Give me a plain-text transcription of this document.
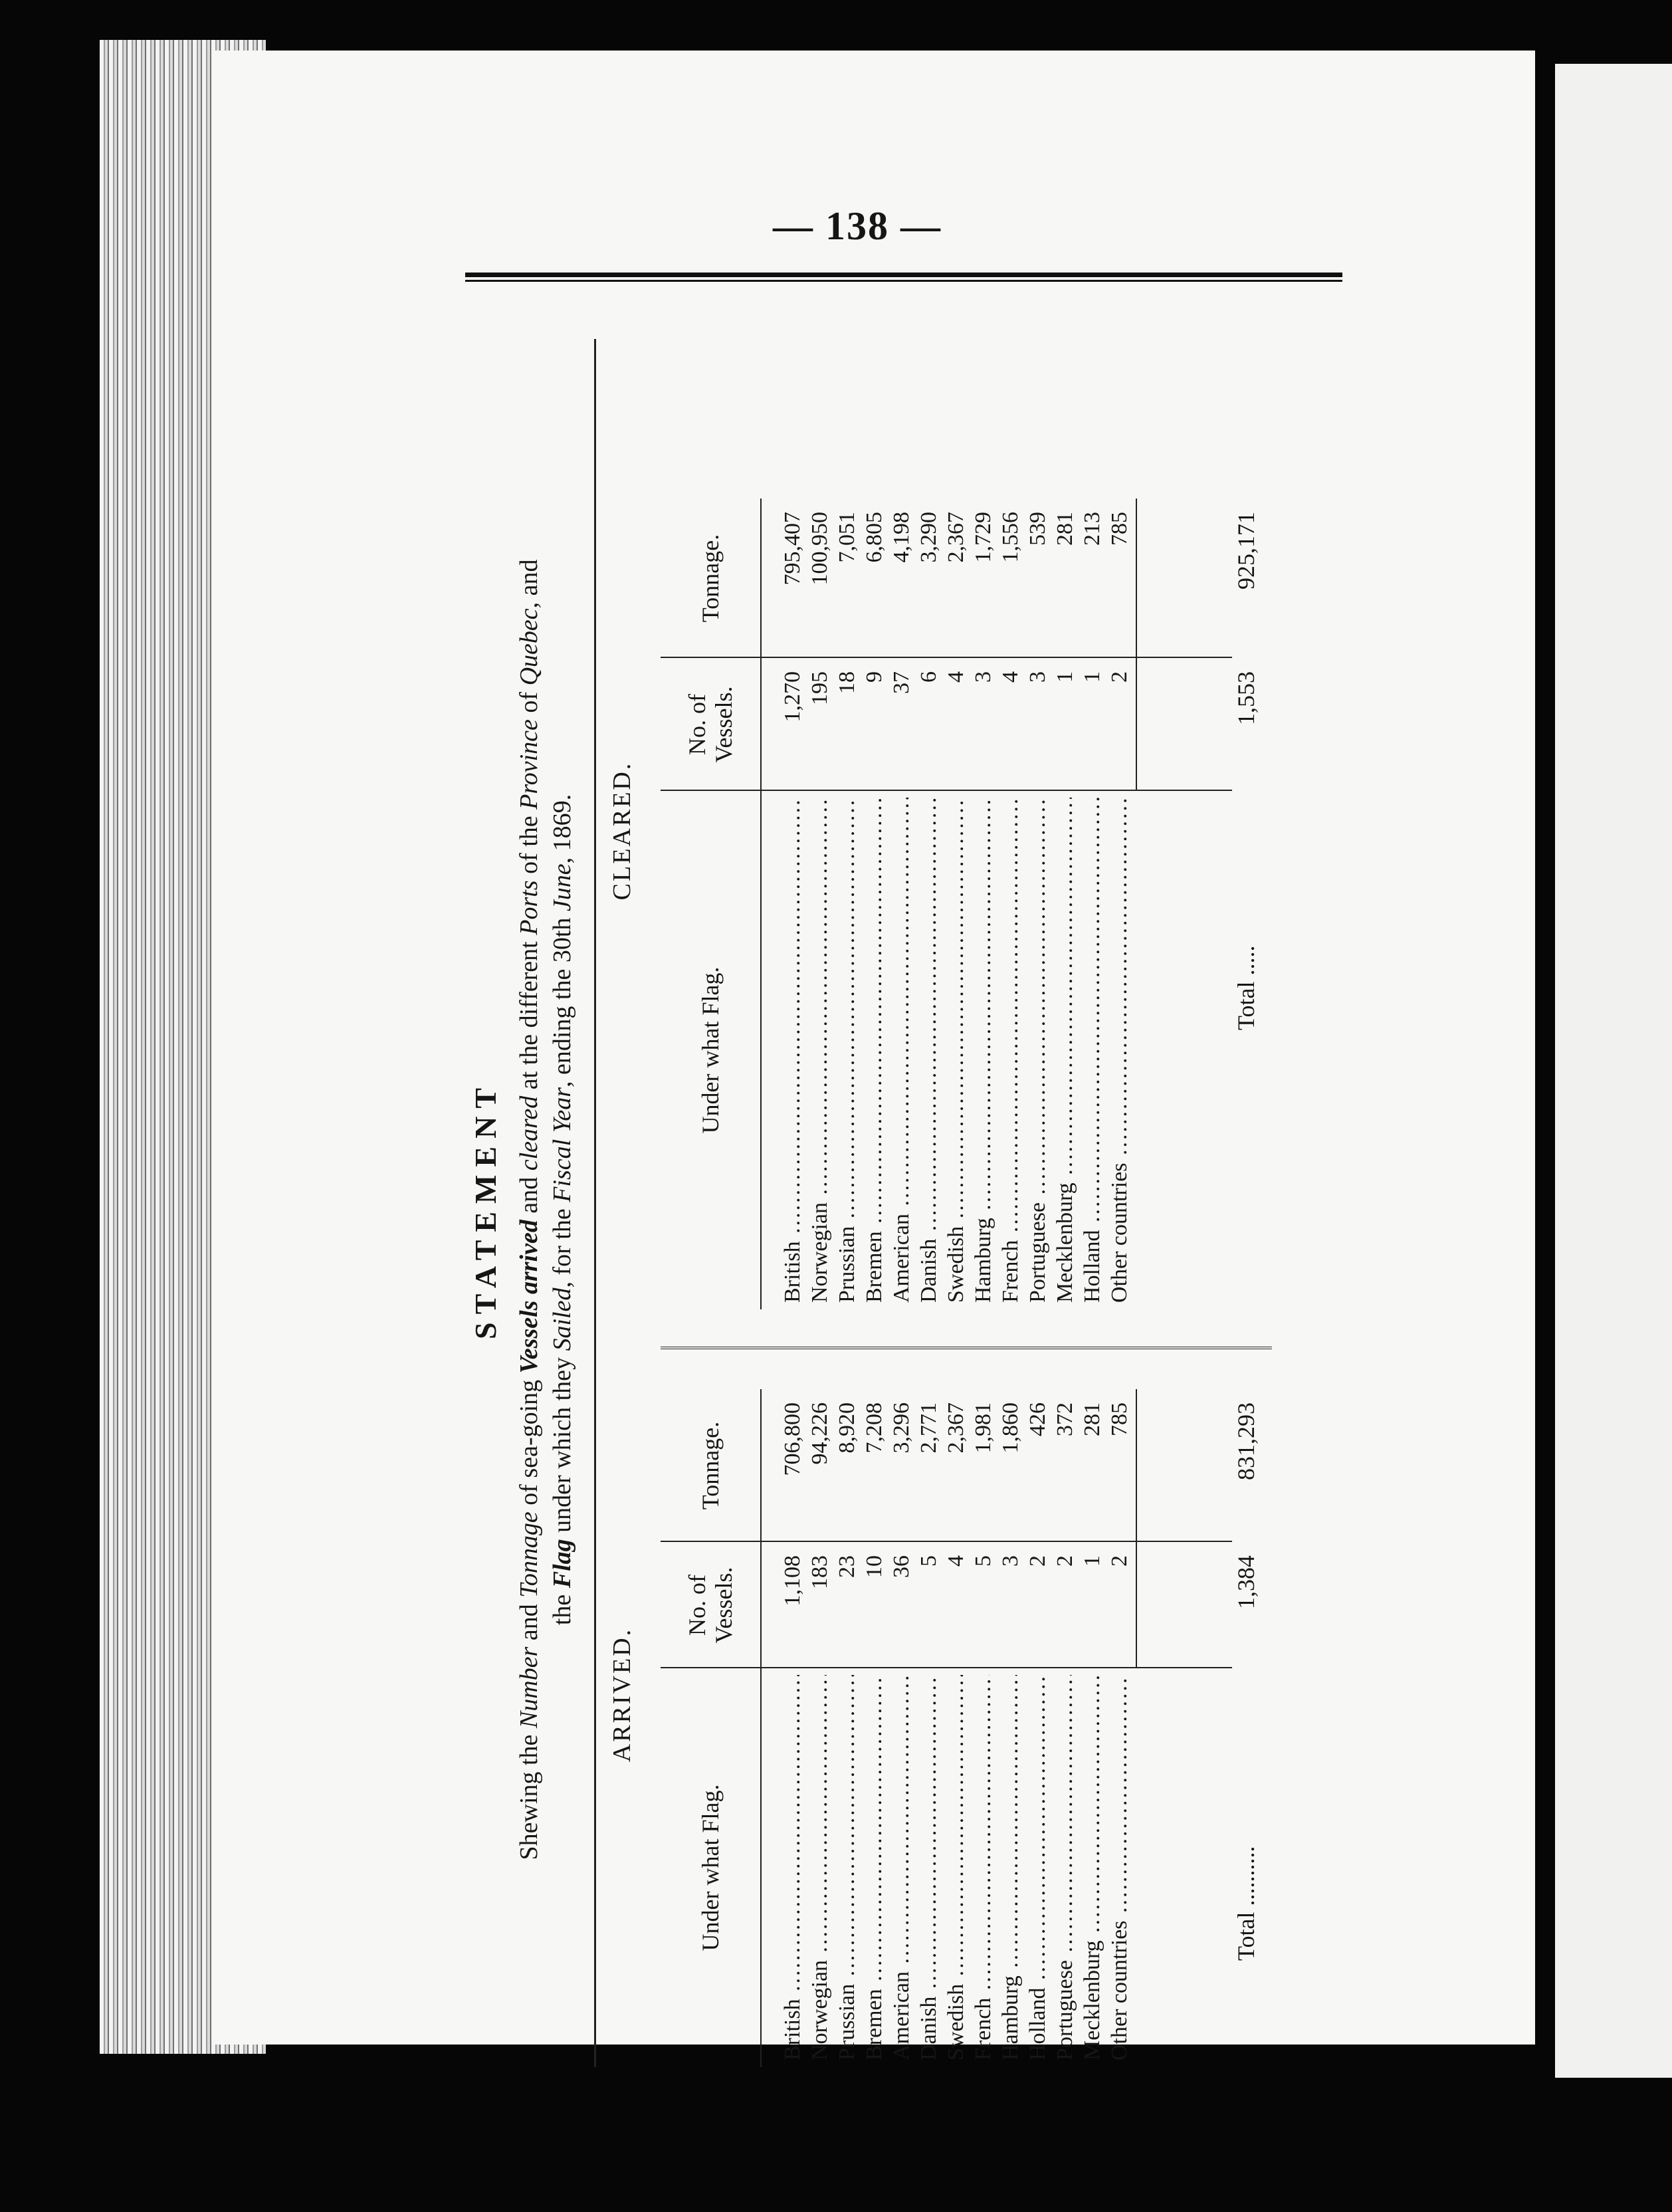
— 138 —
STATEMENT
Shewing the Number and Tonnage of sea-going Vessels arrived and cleared at the different Ports of the Province of Quebec, and
the Flag under which they Sailed, for the Fiscal Year, ending the 30th June, 1869.
ARRIVED.
CLEARED.
Under what Flag.
No. of Vessels.
Tonnage.
British .....
1,108
706,800
Norwegian .....
183
94,226
Prussian .....
23
8,920
Bremen .....
10
7,208
American .....
36
3,296
Danish .....
5
2,771
Swedish .....
4
2,367
French .....
5
1,981
Hamburg .....
3
1,860
Holland .....
2
426
Portuguese .....
2
372
Mecklenburg .....
1
281
Other countries .....
2
785
Total ..........
1,384
831,293
Under what Flag.
No. of Vessels.
Tonnage.
British .....
1,270
795,407
Norwegian .....
195
100,950
Prussian .....
18
7,051
Bremen .....
9
6,805
American .....
37
4,198
Danish .....
6
3,290
Swedish .....
4
2,367
Hamburg .....
3
1,729
French .....
4
1,556
Portuguese .....
3
539
Mecklenburg .....
1
281
Holland .....
1
213
Other countries .....
2
785
Total .....
1,553
925,171
